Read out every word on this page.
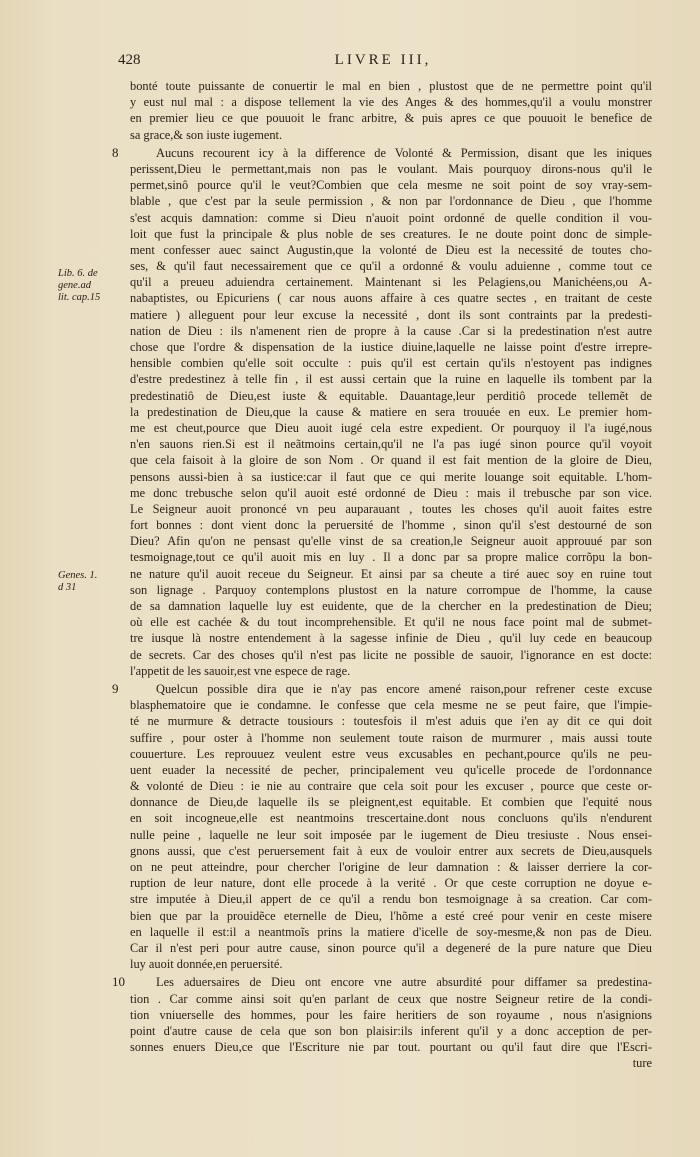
428	LIVRE III,
Lib. 6. de
gene.ad
lit. cap.15
Genes. 1.
d 31
bonté toute puissante de conuertir le mal en bien , plustost que de ne permettre point qu'il
y eust nul mal : a dispose tellement la vie des Anges & des hommes,qu'il a voulu monstrer
en premier lieu ce que pouuoit le franc arbitre, & puis apres ce que pouuoit le benefice de
sa grace,& son iuste iugement.
8	Aucuns recourent icy à la difference de Volonté & Permission, disant que les iniques
perissent,Dieu le permettant,mais non pas le voulant. Mais pourquoy dirons-nous qu'il le
permet,sinô pource qu'il le veut?Combien que cela mesme ne soit point de soy vray-sem-
blable , que c'est par la seule permission , & non par l'ordonnance de Dieu , que l'homme
s'est acquis damnation: comme si Dieu n'auoit point ordonné de quelle condition il vou-
loit que fust la principale & plus noble de ses creatures. Ie ne doute point donc de simple-
ment confesser auec sainct Augustin,que la volonté de Dieu est la necessité de toutes cho-
ses, & qu'il faut necessairement que ce qu'il a ordonné & voulu aduienne , comme tout ce
qu'il a preueu aduiendra certainement. Maintenant si les Pelagiens,ou Manichéens,ou A-
nabaptistes, ou Epicuriens ( car nous auons affaire à ces quatre sectes , en traitant de ceste
matiere ) alleguent pour leur excuse la necessité , dont ils sont contraints par la predesti-
nation de Dieu : ils n'amenent rien de propre à la cause .Car si la predestination n'est autre
chose que l'ordre & dispensation de la iustice diuine,laquelle ne laisse point d'estre irrepre-
hensible combien qu'elle soit occulte : puis qu'il est certain qu'ils n'estoyent pas indignes
d'estre predestinez à telle fin , il est aussi certain que la ruine en laquelle ils tombent par la
predestinatiô de Dieu,est iuste & equitable. Dauantage,leur perditiô procede tellemẽt de
la predestination de Dieu,que la cause & matiere en sera trouuée en eux. Le premier hom-
me est cheut,pource que Dieu auoit iugé cela estre expedient. Or pourquoy il l'a iugé,nous
n'en sauons rien.Si est il neãtmoins certain,qu'il ne l'a pas iugé sinon pource qu'il voyoit
que cela faisoit à la gloire de son Nom . Or quand il est fait mention de la gloire de Dieu,
pensons aussi-bien à sa iustice:car il faut que ce qui merite louange soit equitable. L'hom-
me donc trebusche selon qu'il auoit esté ordonné de Dieu : mais il trebusche par son vice.
Le Seigneur auoit prononcé vn peu auparauant , toutes les choses qu'il auoit faites estre
fort bonnes : dont vient donc la peruersité de l'homme , sinon qu'il s'est destourné de son
Dieu? Afin qu'on ne pensast qu'elle vinst de sa creation,le Seigneur auoit approuué par son
tesmoignage,tout ce qu'il auoit mis en luy . Il a donc par sa propre malice corrõpu la bon-
ne nature qu'il auoit receue du Seigneur. Et ainsi par sa cheute a tiré auec soy en ruine tout
son lignage . Parquoy contemplons plustost en la nature corrompue de l'homme, la cause
de sa damnation laquelle luy est euidente, que de la chercher en la predestination de Dieu;
où elle est cachée & du tout incomprehensible. Et qu'il ne nous face point mal de submet-
tre iusque là nostre entendement à la sagesse infinie de Dieu , qu'il luy cede en beaucoup
de secrets. Car des choses qu'il n'est pas licite ne possible de sauoir, l'ignorance en est docte:
l'appetit de les sauoir,est vne espece de rage.
9	Quelcun possible dira que ie n'ay pas encore amené raison,pour refrener ceste excuse
blasphematoire que ie condamne. Ie confesse que cela mesme ne se peut faire, que l'impie-
té ne murmure & detracte tousiours : toutesfois il m'est aduis que i'en ay dit ce qui doit
suffire , pour oster à l'homme non seulement toute raison de murmurer , mais aussi toute
couuerture. Les reprouuez veulent estre veus excusables en pechant,pource qu'ils ne peu-
uent euader la necessité de pecher, principalement veu qu'icelle procede de l'ordonnance
& volonté de Dieu : ie nie au contraire que cela soit pour les excuser , pource que ceste or-
donnance de Dieu,de laquelle ils se pleignent,est equitable. Et combien que l'equité nous
en soit incogneue,elle est neantmoins trescertaine.dont nous concluons qu'ils n'endurent
nulle peine , laquelle ne leur soit imposée par le iugement de Dieu tresiuste . Nous ensei-
gnons aussi, que c'est peruersement fait à eux de vouloir entrer aux secrets de Dieu,ausquels
on ne peut atteindre, pour chercher l'origine de leur damnation : & laisser derriere la cor-
ruption de leur nature, dont elle procede à la verité . Or que ceste corruption ne doyue e-
stre imputée à Dieu,il appert de ce qu'il a rendu bon tesmoignage à sa creation. Car com-
bien que par la prouidẽce eternelle de Dieu, l'hõme a esté creé pour venir en ceste misere
en laquelle il est:il a neantmoĩs prins la matiere d'icelle de soy-mesme,& non pas de Dieu.
Car il n'est peri pour autre cause, sinon pource qu'il a degeneré de la pure nature que Dieu
luy auoit donnée,en peruersité.
10	Les aduersaires de Dieu ont encore vne autre absurdité pour diffamer sa predestina-
tion . Car comme ainsi soit qu'en parlant de ceux que nostre Seigneur retire de la condi-
tion vniuerselle des hommes, pour les faire heritiers de son royaume , nous n'asignions
point d'autre cause de cela que son bon plaisir:ils inferent qu'il y a donc acception de per-
sonnes enuers Dieu,ce que l'Escriture nie par tout. pourtant ou qu'il faut dire que l'Escri-
ture
